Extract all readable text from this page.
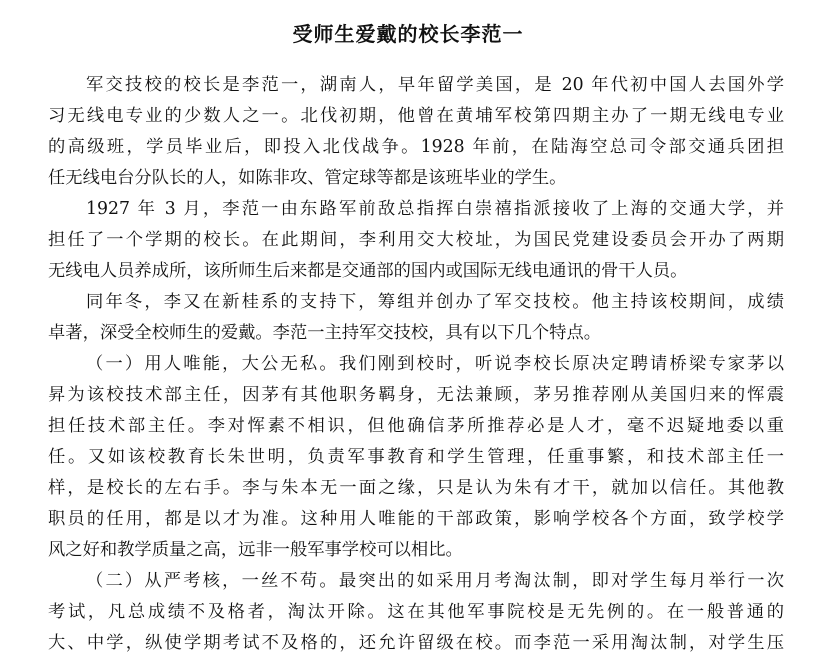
受师生爱戴的校长李范一
军交技校的校长是李范一，湖南人，早年留学美国，是 20 年代初中国人去国外学
习无线电专业的少数人之一。北伐初期，他曾在黄埔军校第四期主办了一期无线电专业
的高级班，学员毕业后，即投入北伐战争。1928 年前，在陆海空总司令部交通兵团担
任无线电台分队长的人，如陈非攻、管定球等都是该班毕业的学生。
1927 年 3 月，李范一由东路军前敌总指挥白崇禧指派接收了上海的交通大学，并
担任了一个学期的校长。在此期间，李利用交大校址，为国民党建设委员会开办了两期
无线电人员养成所，该所师生后来都是交通部的国内或国际无线电通讯的骨干人员。
同年冬，李又在新桂系的支持下，筹组并创办了军交技校。他主持该校期间，成绩
卓著，深受全校师生的爱戴。李范一主持军交技校，具有以下几个特点。
（一）用人唯能，大公无私。我们刚到校时，听说李校长原决定聘请桥梁专家茅以
昇为该校技术部主任，因茅有其他职务羁身，无法兼顾，茅另推荐刚从美国归来的恽震
担任技术部主任。李对恽素不相识，但他确信茅所推荐必是人才，毫不迟疑地委以重
任。又如该校教育长朱世明，负责军事教育和学生管理，任重事繁，和技术部主任一
样，是校长的左右手。李与朱本无一面之缘，只是认为朱有才干，就加以信任。其他教
职员的任用，都是以才为准。这种用人唯能的干部政策，影响学校各个方面，致学校学
风之好和教学质量之高，远非一般军事学校可以相比。
（二）从严考核，一丝不苟。最突出的如采用月考淘汰制，即对学生每月举行一次
考试，凡总成绩不及格者，淘汰开除。这在其他军事院校是无先例的。在一般普通的
大、中学，纵使学期考试不及格的，还允许留级在校。而李范一采用淘汰制，对学生压
